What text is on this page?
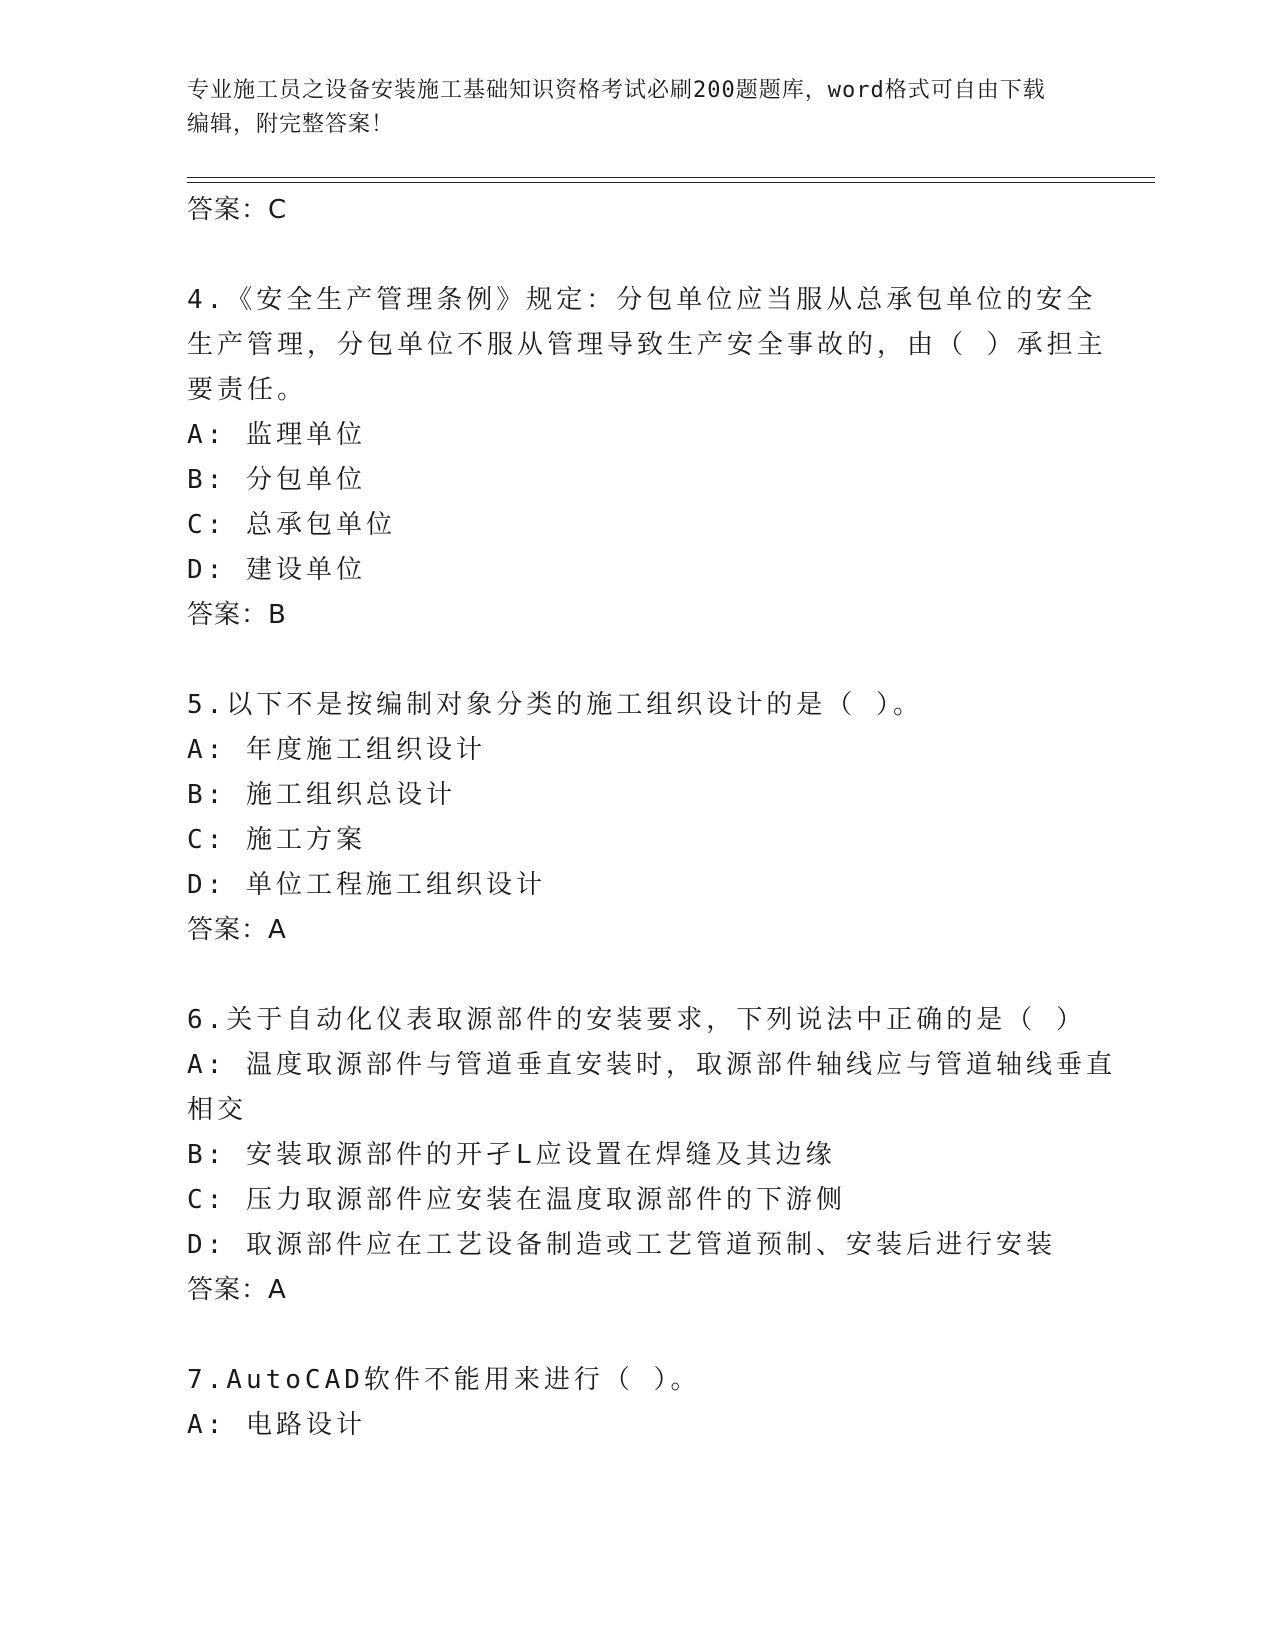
专业施工员之设备安装施工基础知识资格考试必刷200题题库，word格式可自由下载编辑，附完整答案！
答案：C
4.《安全生产管理条例》规定：分包单位应当服从总承包单位的安全
生产管理，分包单位不服从管理导致生产安全事故的，由（ ）承担主
要责任。
A: 监理单位
B: 分包单位
C: 总承包单位
D: 建设单位
答案：B
5.以下不是按编制对象分类的施工组织设计的是（ ）。
A: 年度施工组织设计
B: 施工组织总设计
C: 施工方案
D: 单位工程施工组织设计
答案：A
6.关于自动化仪表取源部件的安装要求，下列说法中正确的是（ ）
A: 温度取源部件与管道垂直安装时，取源部件轴线应与管道轴线垂直
相交
B: 安装取源部件的开孑L应设置在焊缝及其边缘
C: 压力取源部件应安装在温度取源部件的下游侧
D: 取源部件应在工艺设备制造或工艺管道预制、安装后进行安装
答案：A
7.AutoCAD软件不能用来进行（ ）。
A: 电路设计
